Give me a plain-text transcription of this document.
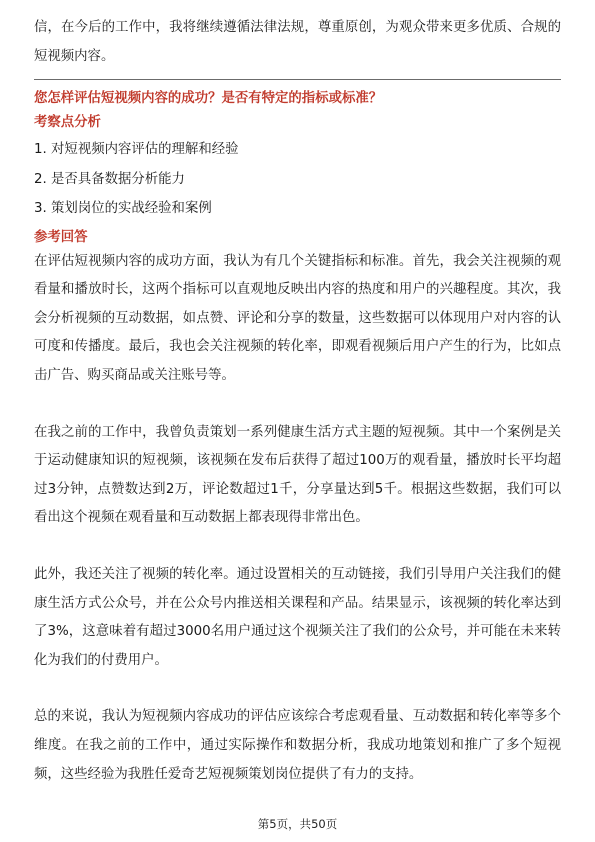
信，在今后的工作中，我将继续遵循法律法规，尊重原创，为观众带来更多优质、合规的短视频内容。

您怎样评估短视频内容的成功？是否有特定的指标或标准？

考察点分析

1. 对短视频内容评估的理解和经验
2. 是否具备数据分析能力
3. 策划岗位的实战经验和案例

参考回答

在评估短视频内容的成功方面，我认为有几个关键指标和标准。首先，我会关注视频的观看量和播放时长，这两个指标可以直观地反映出内容的热度和用户的兴趣程度。其次，我会分析视频的互动数据，如点赞、评论和分享的数量，这些数据可以体现用户对内容的认可度和传播度。最后，我也会关注视频的转化率，即观看视频后用户产生的行为，比如点击广告、购买商品或关注账号等。

在我之前的工作中，我曾负责策划一系列健康生活方式主题的短视频。其中一个案例是关于运动健康知识的短视频，该视频在发布后获得了超过100万的观看量，播放时长平均超过3分钟，点赞数达到2万，评论数超过1千，分享量达到5千。根据这些数据，我们可以看出这个视频在观看量和互动数据上都表现得非常出色。

此外，我还关注了视频的转化率。通过设置相关的互动链接，我们引导用户关注我们的健康生活方式公众号，并在公众号内推送相关课程和产品。结果显示，该视频的转化率达到了3%，这意味着有超过3000名用户通过这个视频关注了我们的公众号，并可能在未来转化为我们的付费用户。

总的来说，我认为短视频内容成功的评估应该综合考虑观看量、互动数据和转化率等多个维度。在我之前的工作中，通过实际操作和数据分析，我成功地策划和推广了多个短视频，这些经验为我胜任爱奇艺短视频策划岗位提供了有力的支持。

第5页，共50页
